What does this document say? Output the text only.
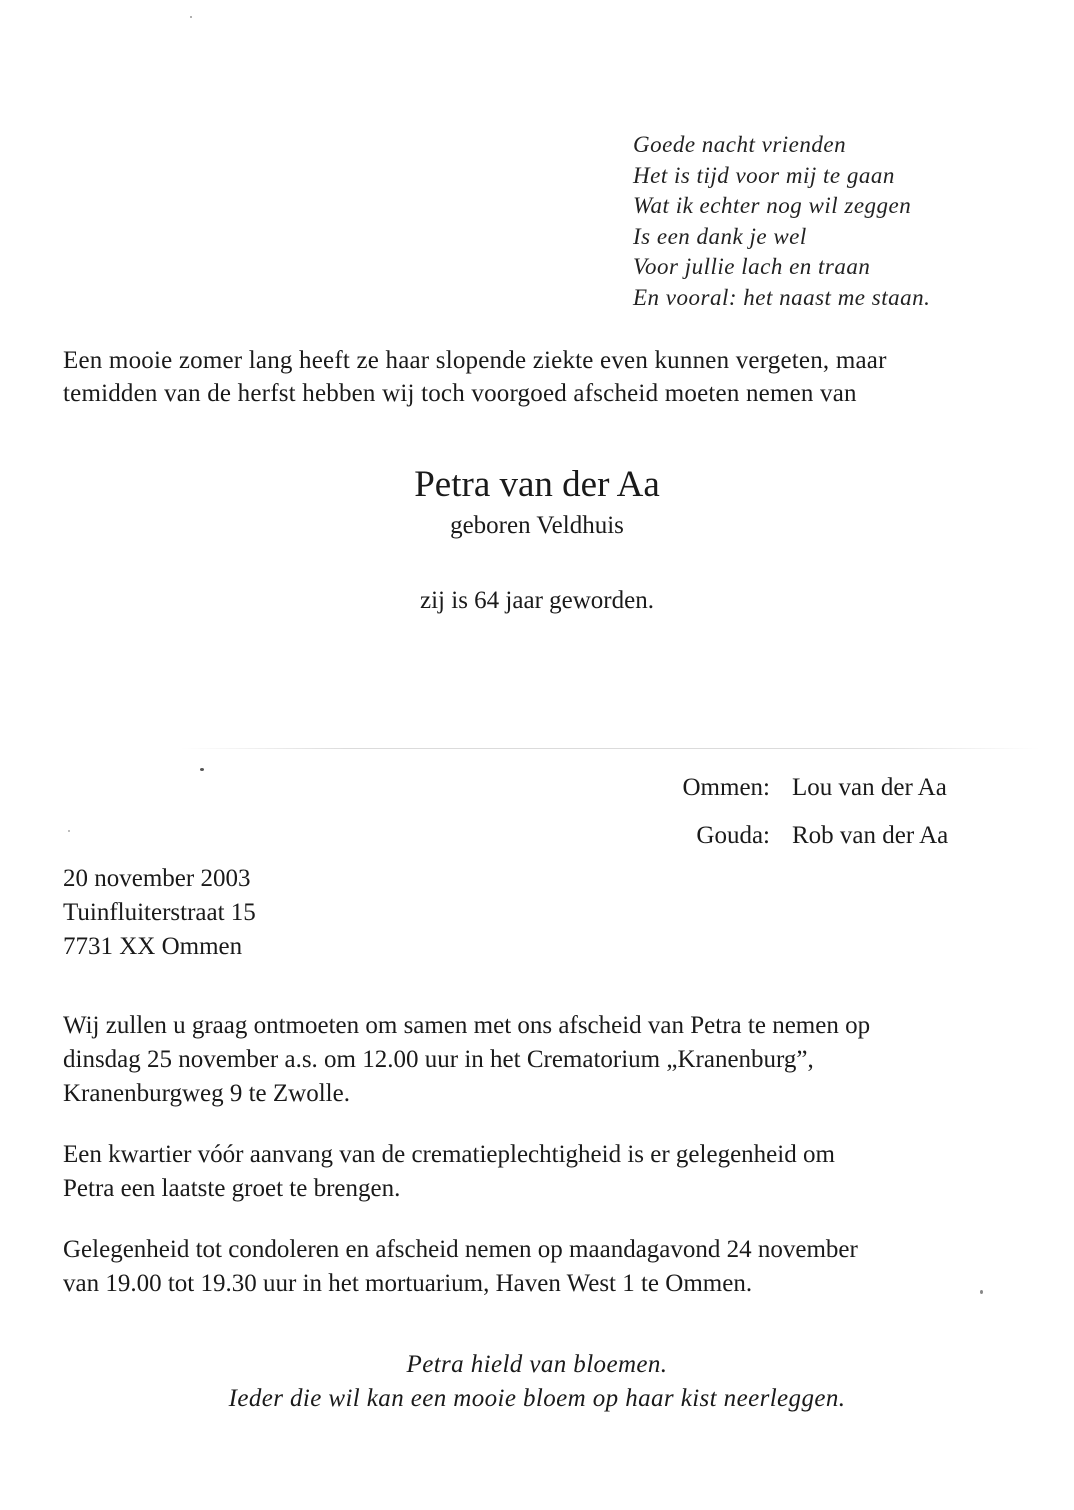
Goede nacht vrienden
Het is tijd voor mij te gaan
Wat ik echter nog wil zeggen
Is een dank je wel
Voor jullie lach en traan
En vooral: het naast me staan.
Een mooie zomer lang heeft ze haar slopende ziekte even kunnen vergeten, maar
temidden van de herfst hebben wij toch voorgoed afscheid moeten nemen van
Petra van der Aa
geboren Veldhuis
zij is 64 jaar geworden.
Ommen: Lou van der Aa
Gouda: Rob van der Aa
20 november 2003
Tuinfluiterstraat 15
7731 XX Ommen
Wij zullen u graag ontmoeten om samen met ons afscheid van Petra te nemen op
dinsdag 25 november a.s. om 12.00 uur in het Crematorium „Kranenburg”,
Kranenburgweg 9 te Zwolle.
Een kwartier vóór aanvang van de crematieplechtigheid is er gelegenheid om
Petra een laatste groet te brengen.
Gelegenheid tot condoleren en afscheid nemen op maandagavond 24 november
van 19.00 tot 19.30 uur in het mortuarium, Haven West 1 te Ommen.
Petra hield van bloemen.
Ieder die wil kan een mooie bloem op haar kist neerleggen.
